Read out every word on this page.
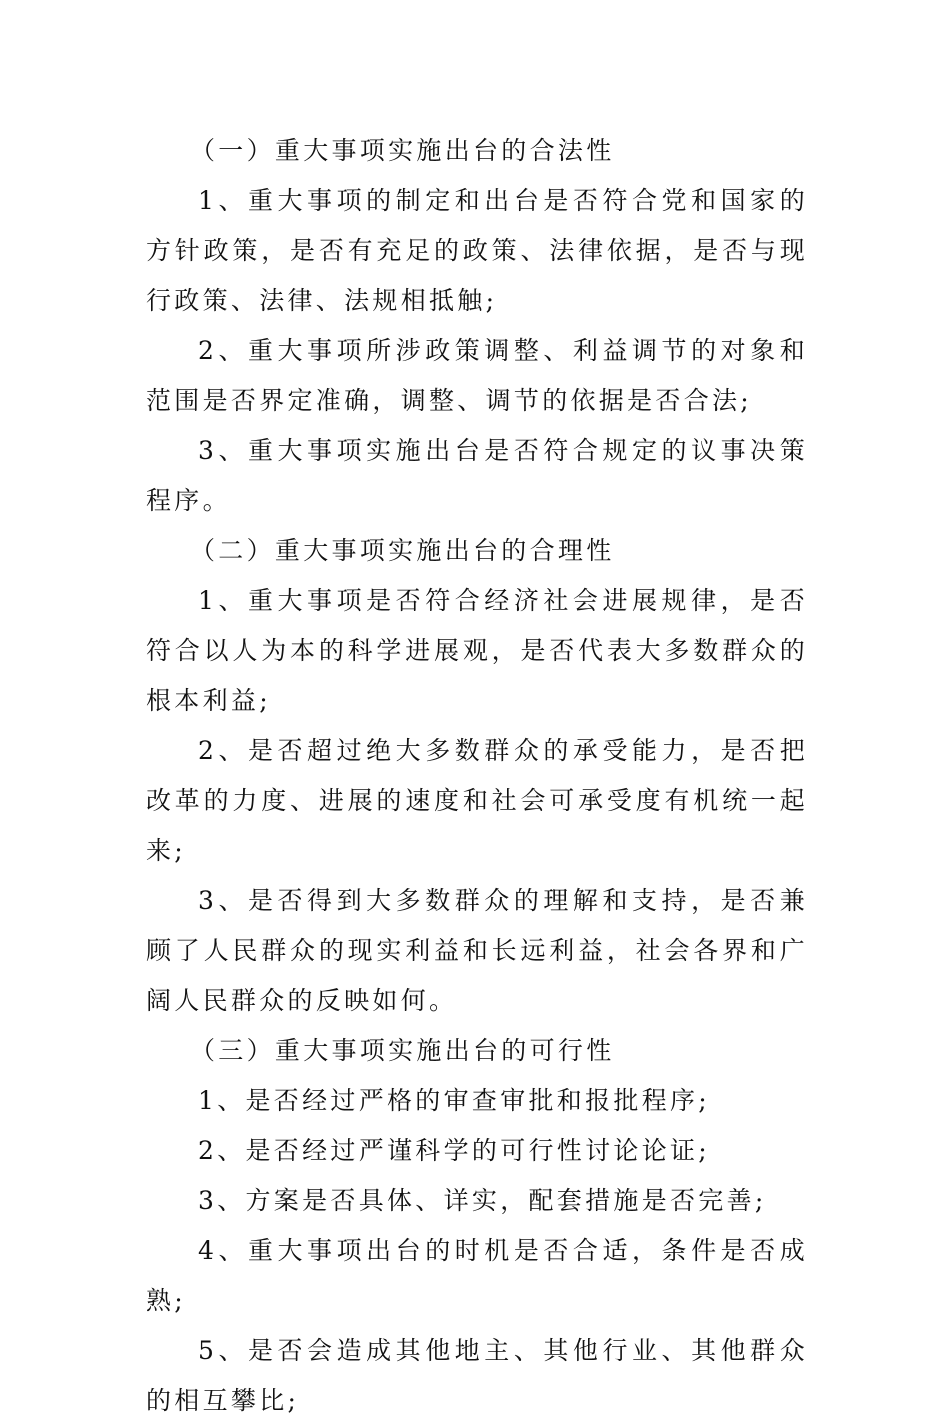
（一）重大事项实施出台的合法性

1、重大事项的制定和出台是否符合党和国家的方针政策，是否有充足的政策、法律依据，是否与现行政策、法律、法规相抵触;

2、重大事项所涉政策调整、利益调节的对象和范围是否界定准确，调整、调节的依据是否合法;

3、重大事项实施出台是否符合规定的议事决策程序。

（二）重大事项实施出台的合理性

1、重大事项是否符合经济社会进展规律，是否符合以人为本的科学进展观，是否代表大多数群众的根本利益;

2、是否超过绝大多数群众的承受能力，是否把改革的力度、进展的速度和社会可承受度有机统一起来;

3、是否得到大多数群众的理解和支持，是否兼顾了人民群众的现实利益和长远利益，社会各界和广阔人民群众的反映如何。

（三）重大事项实施出台的可行性

1、是否经过严格的审查审批和报批程序;

2、是否经过严谨科学的可行性讨论论证;

3、方案是否具体、详实，配套措施是否完善;

4、重大事项出台的时机是否合适，条件是否成熟;

5、是否会造成其他地主、其他行业、其他群众的相互攀比;
